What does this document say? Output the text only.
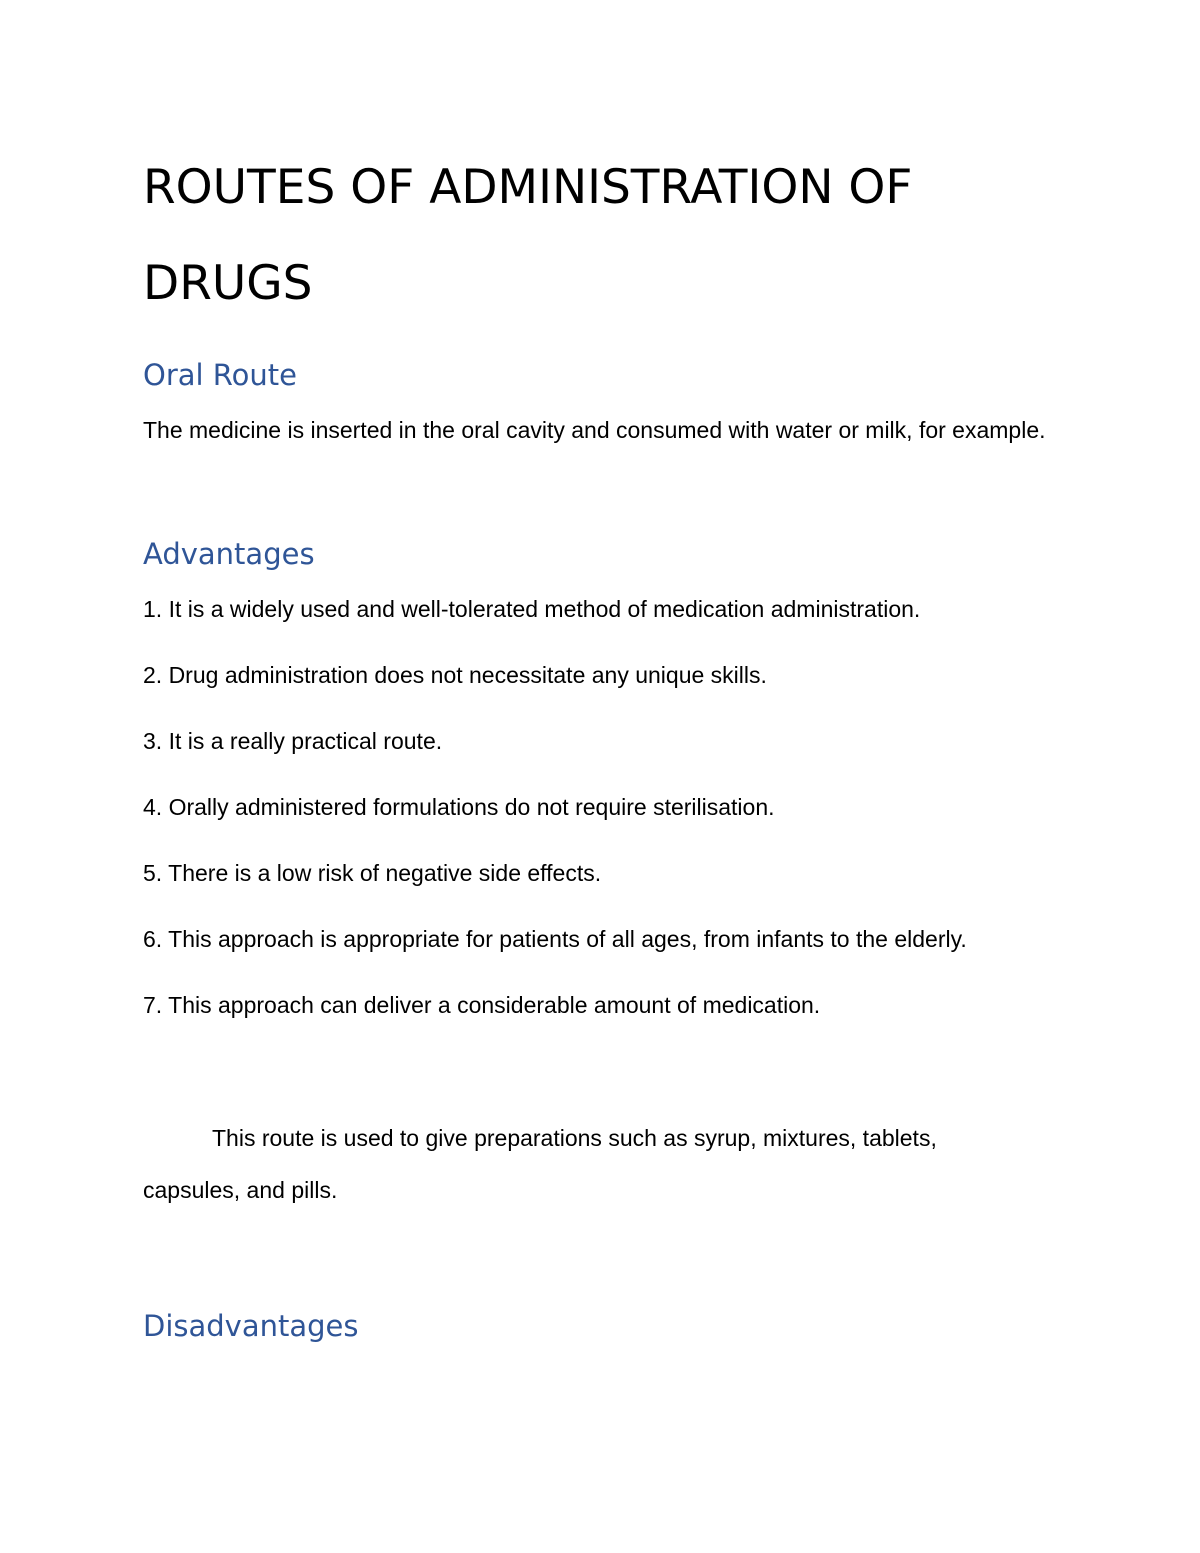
ROUTES OF ADMINISTRATION OF DRUGS
Oral Route

The medicine is inserted in the oral cavity and consumed with water or milk, for example.

Advantages

1. It is a widely used and well-tolerated method of medication administration.

2. Drug administration does not necessitate any unique skills.

3. It is a really practical route.

4. Orally administered formulations do not require sterilisation.

5. There is a low risk of negative side effects.

6. This approach is appropriate for patients of all ages, from infants to the elderly.

7. This approach can deliver a considerable amount of medication.

This route is used to give preparations such as syrup, mixtures, tablets, capsules, and pills.

Disadvantages
